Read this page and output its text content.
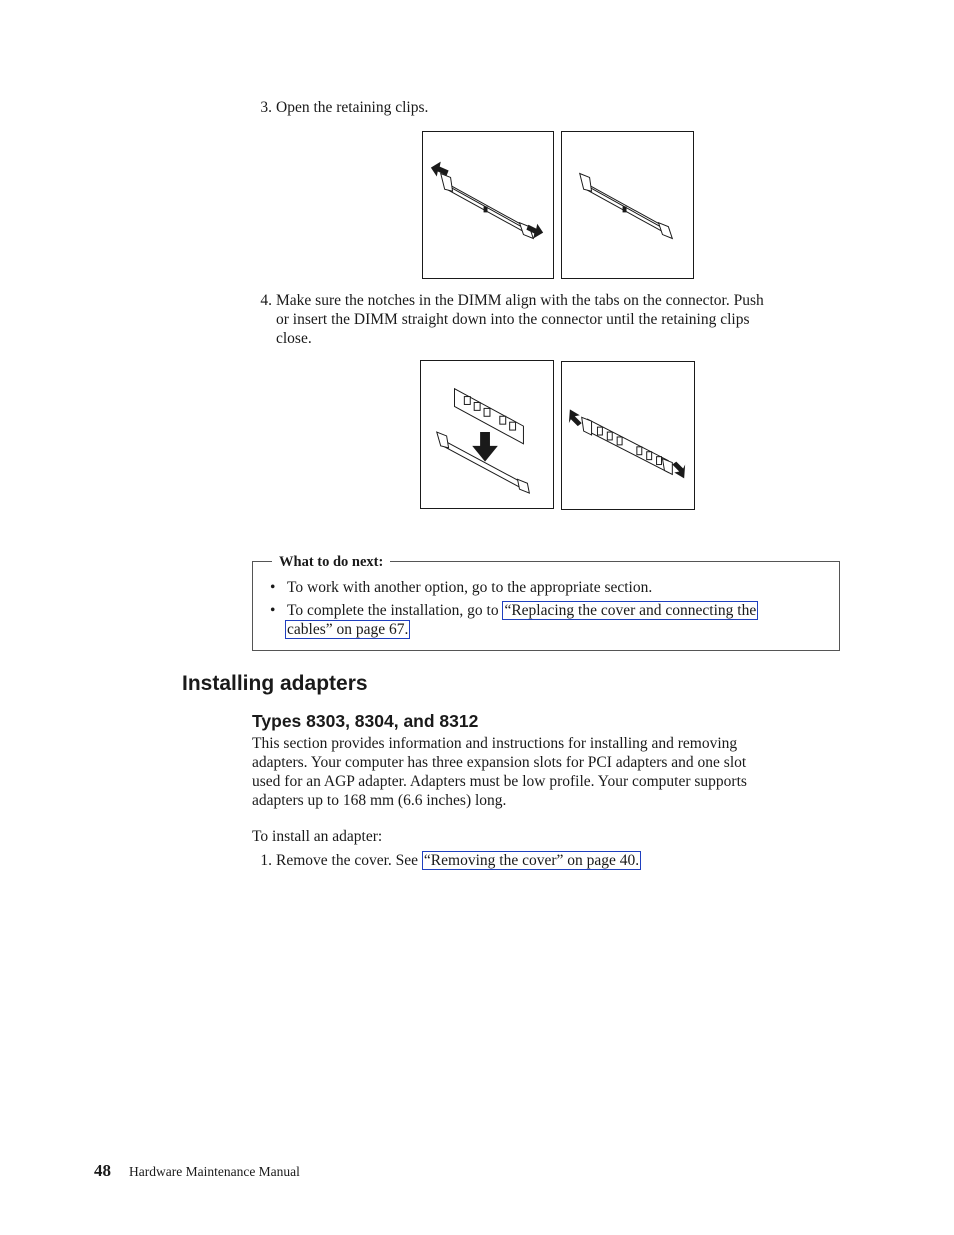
3. Open the retaining clips.
4. Make sure the notches in the DIMM align with the tabs on the connector. Push
or insert the DIMM straight down into the connector until the retaining clips
close.
What to do next:
• To work with another option, go to the appropriate section.
• To complete the installation, go to “Replacing the cover and connecting the
cables” on page 67.
Installing adapters
Types 8303, 8304, and 8312
This section provides information and instructions for installing and removing
adapters. Your computer has three expansion slots for PCI adapters and one slot
used for an AGP adapter. Adapters must be low profile. Your computer supports
adapters up to 168 mm (6.6 inches) long.
To install an adapter:
1. Remove the cover. See “Removing the cover” on page 40.
48 Hardware Maintenance Manual
